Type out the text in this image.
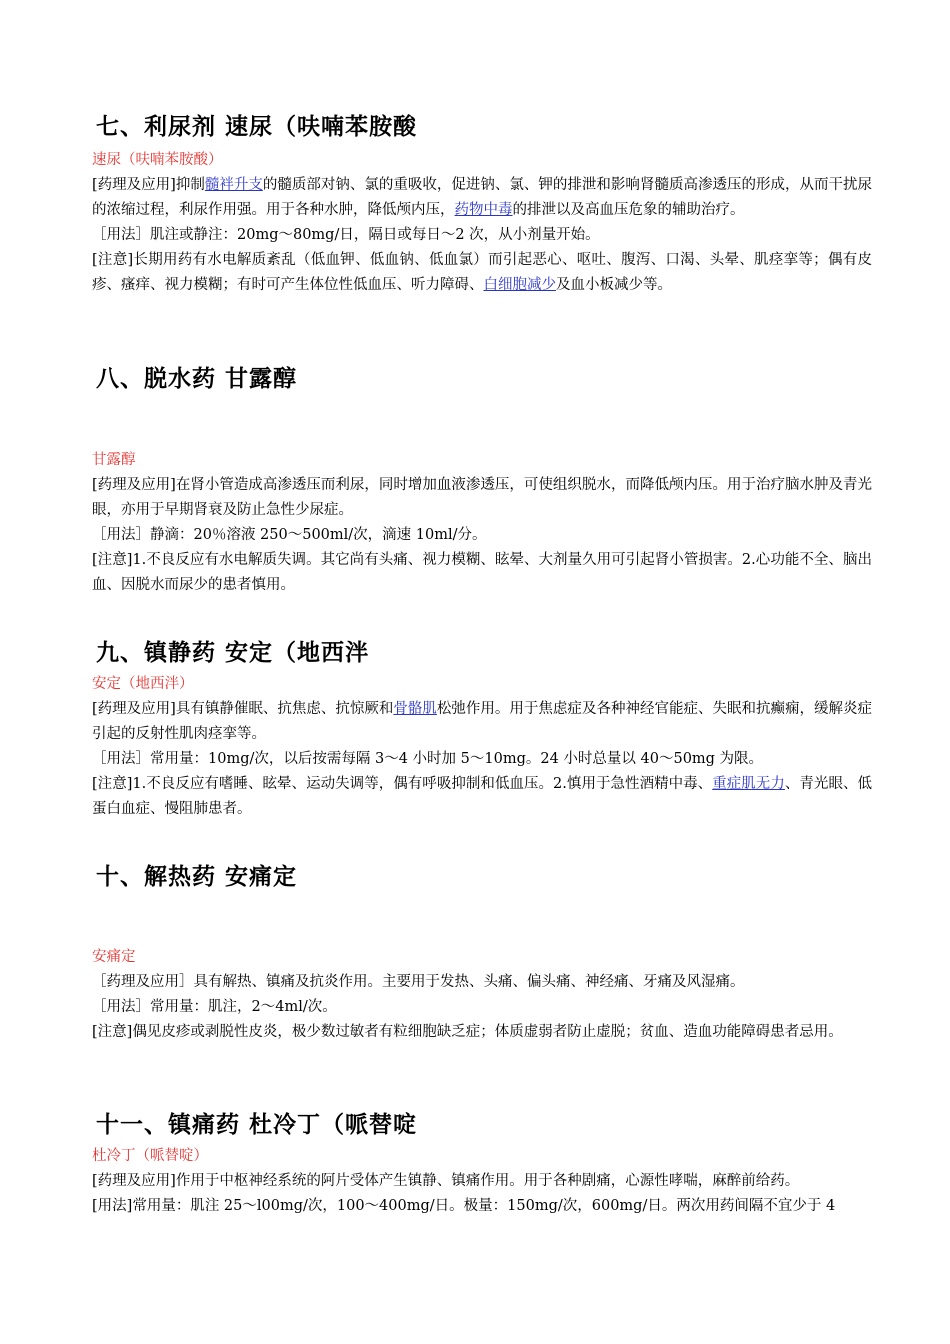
七、利尿剂 速尿（呋喃苯胺酸
速尿（呋喃苯胺酸）

[药理及应用]抑制髓袢升支的髓质部对钠、氯的重吸收，促进钠、氯、钾的排泄和影响肾髓质高渗透压的形成，从而干扰尿的浓缩过程，利尿作用强。用于各种水肿，降低颅内压，药物中毒的排泄以及高血压危象的辅助治疗。

［用法］肌注或静注：20mg～80mg/日，隔日或每日～2 次，从小剂量开始。

[注意]长期用药有水电解质紊乱（低血钾、低血钠、低血氯）而引起恶心、呕吐、腹泻、口渴、头晕、肌痉挛等；偶有皮疹、瘙痒、视力模糊；有时可产生体位性低血压、听力障碍、白细胞减少及血小板减少等。

八、脱水药 甘露醇
甘露醇

[药理及应用]在肾小管造成高渗透压而利尿，同时增加血液渗透压，可使组织脱水，而降低颅内压。用于治疗脑水肿及青光眼，亦用于早期肾衰及防止急性少尿症。

［用法］静滴：20％溶液 250～500ml/次，滴速 10ml/分。

[注意]1.不良反应有水电解质失调。其它尚有头痛、视力模糊、眩晕、大剂量久用可引起肾小管损害。2.心功能不全、脑出血、因脱水而尿少的患者慎用。

九、镇静药 安定（地西泮
安定（地西泮）

[药理及应用]具有镇静催眠、抗焦虑、抗惊厥和骨骼肌松弛作用。用于焦虑症及各种神经官能症、失眠和抗癫痫，缓解炎症引起的反射性肌肉痉挛等。

［用法］常用量：10mg/次，以后按需每隔 3～4 小时加 5～10mg。24 小时总量以 40～50mg 为限。

[注意]1.不良反应有嗜睡、眩晕、运动失调等，偶有呼吸抑制和低血压。2.慎用于急性酒精中毒、重症肌无力、青光眼、低蛋白血症、慢阻肺患者。

十、解热药 安痛定
安痛定

［药理及应用］具有解热、镇痛及抗炎作用。主要用于发热、头痛、偏头痛、神经痛、牙痛及风湿痛。

［用法］常用量：肌注，2～4ml/次。

[注意]偶见皮疹或剥脱性皮炎，极少数过敏者有粒细胞缺乏症；体质虚弱者防止虚脱；贫血、造血功能障碍患者忌用。

十一、镇痛药 杜冷丁（哌替啶
杜冷丁（哌替啶）

[药理及应用]作用于中枢神经系统的阿片受体产生镇静、镇痛作用。用于各种剧痛，心源性哮喘，麻醉前给药。

[用法]常用量：肌注 25～l00mg/次，100～400mg/日。极量：150mg/次，600mg/日。两次用药间隔不宜少于 4
